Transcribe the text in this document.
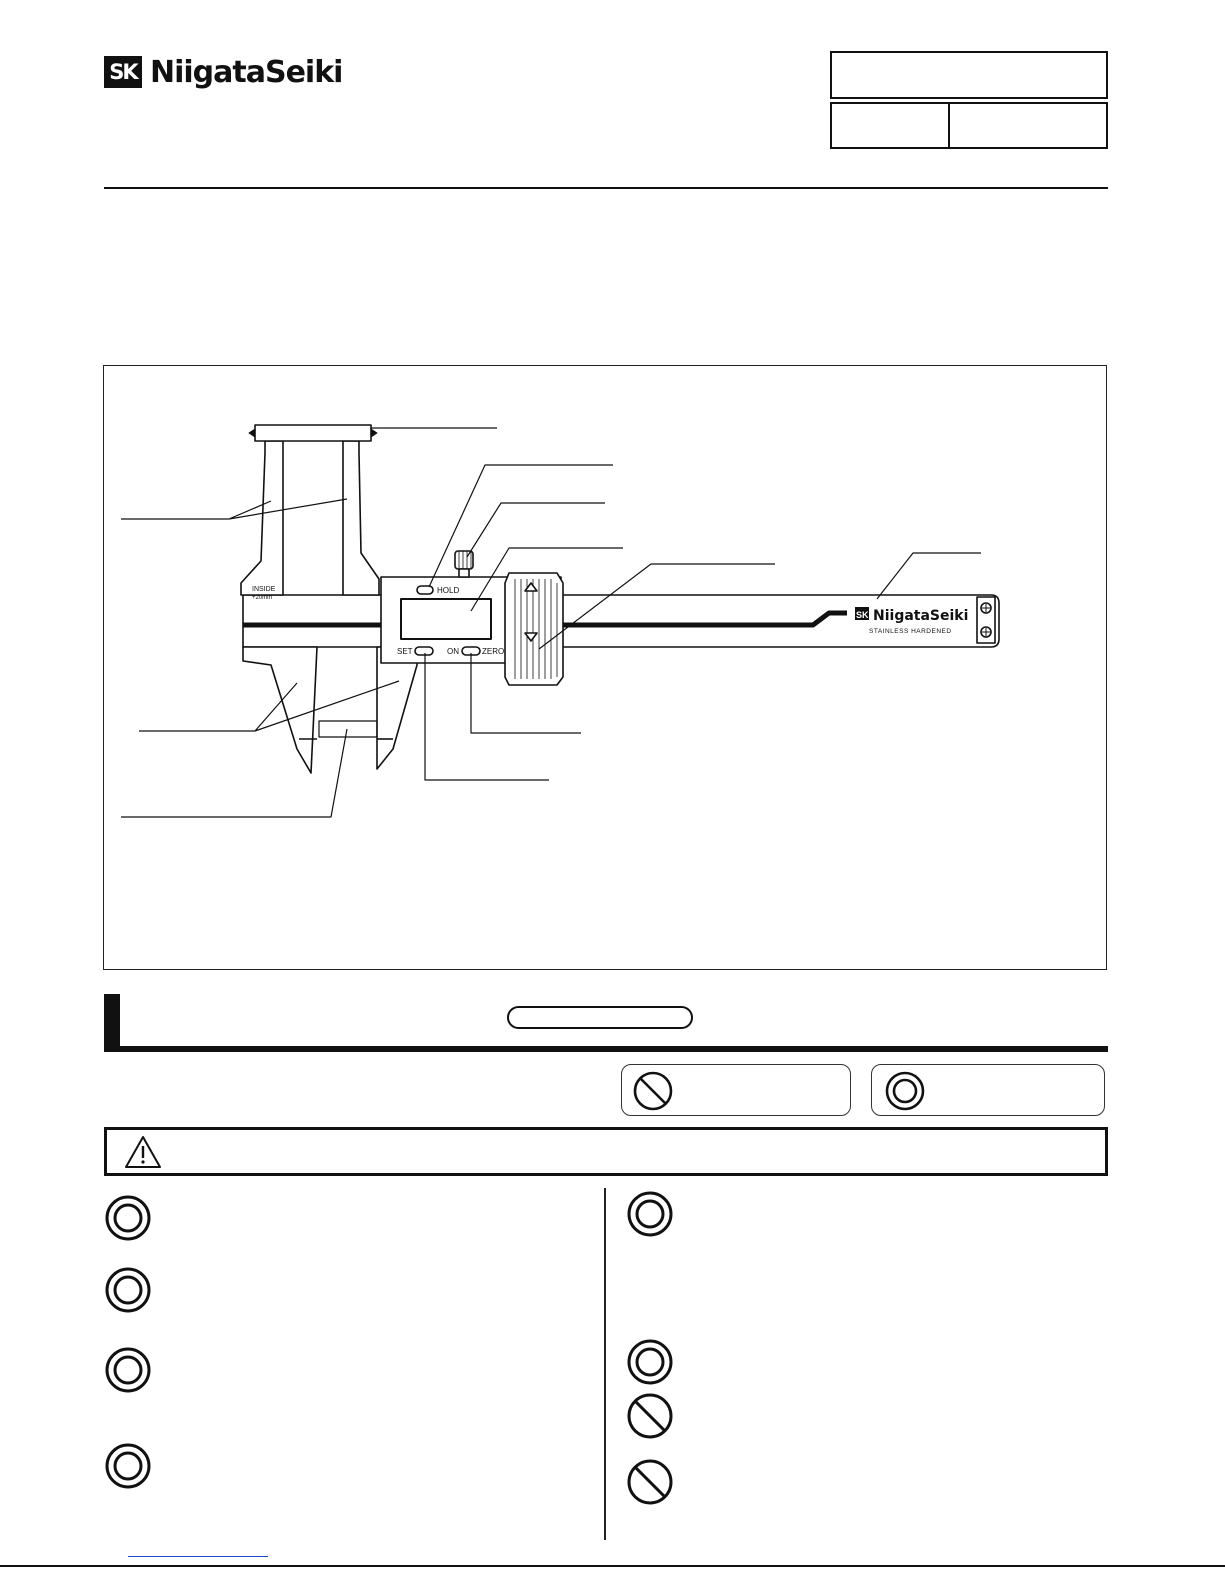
SK NiigataSeiki
INSIDE
+20mm
HOLD
SET	ON	ZERO
SK NiigataSeiki
STAINLESS HARDENED
